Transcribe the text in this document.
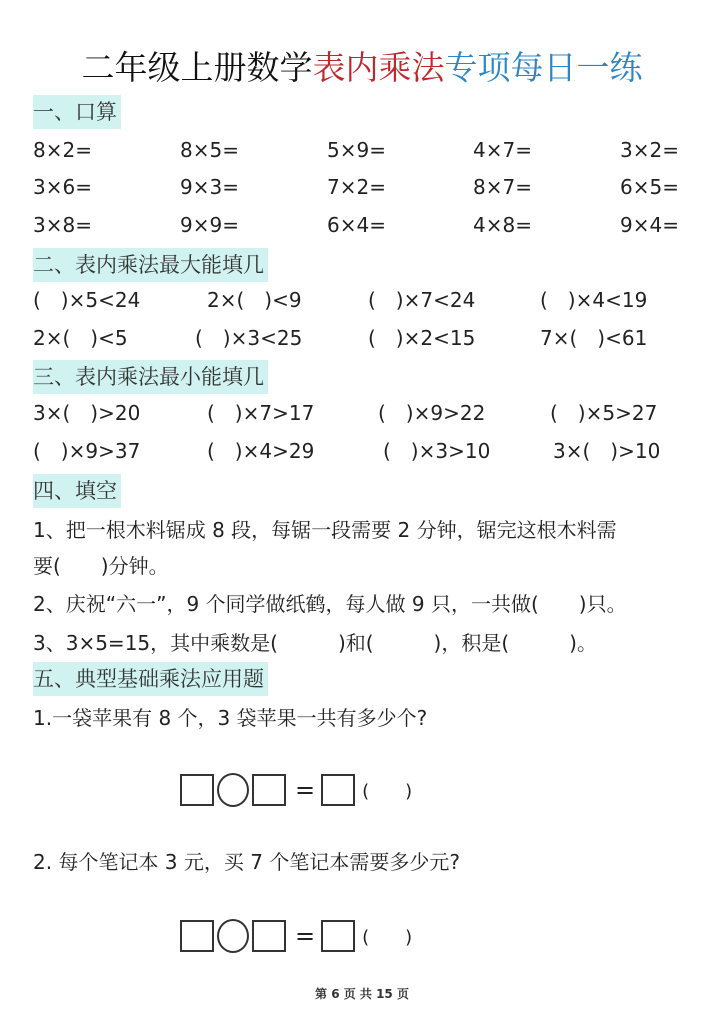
二年级上册数学表内乘法专项每日一练
一、口算
8×2=	8×5=	5×9=	4×7=	3×2=
3×6=	9×3=	7×2=	8×7=	6×5=
3×8=	9×9=	6×4=	4×8=	9×4=
二、表内乘法最大能填几
(　)×5<24	2×(　)<9	(　)×7<24	(　)×4<19
2×(　)<5	(　)×3<25	(　)×2<15	7×(　)<61
三、表内乘法最小能填几
3×(　)>20	(　)×7>17	(　)×9>22	(　)×5>27
(　)×9>37	(　)×4>29	(　)×3>10	3×(　)>10
四、填空
1、把一根木料锯成 8 段，每锯一段需要 2 分钟，锯完这根木料需
要(　　)分钟。
2、庆祝“六一”，9 个同学做纸鹤，每人做 9 只，一共做(　　)只。
3、3×5=15，其中乘数是(　　　)和(　　　)，积是(　　　)。
五、典型基础乘法应用题
1.一袋苹果有 8 个，3 袋苹果一共有多少个?
=	(　　)
2. 每个笔记本 3 元，买 7 个笔记本需要多少元?
=	(　　)
第 6 页 共 15 页
